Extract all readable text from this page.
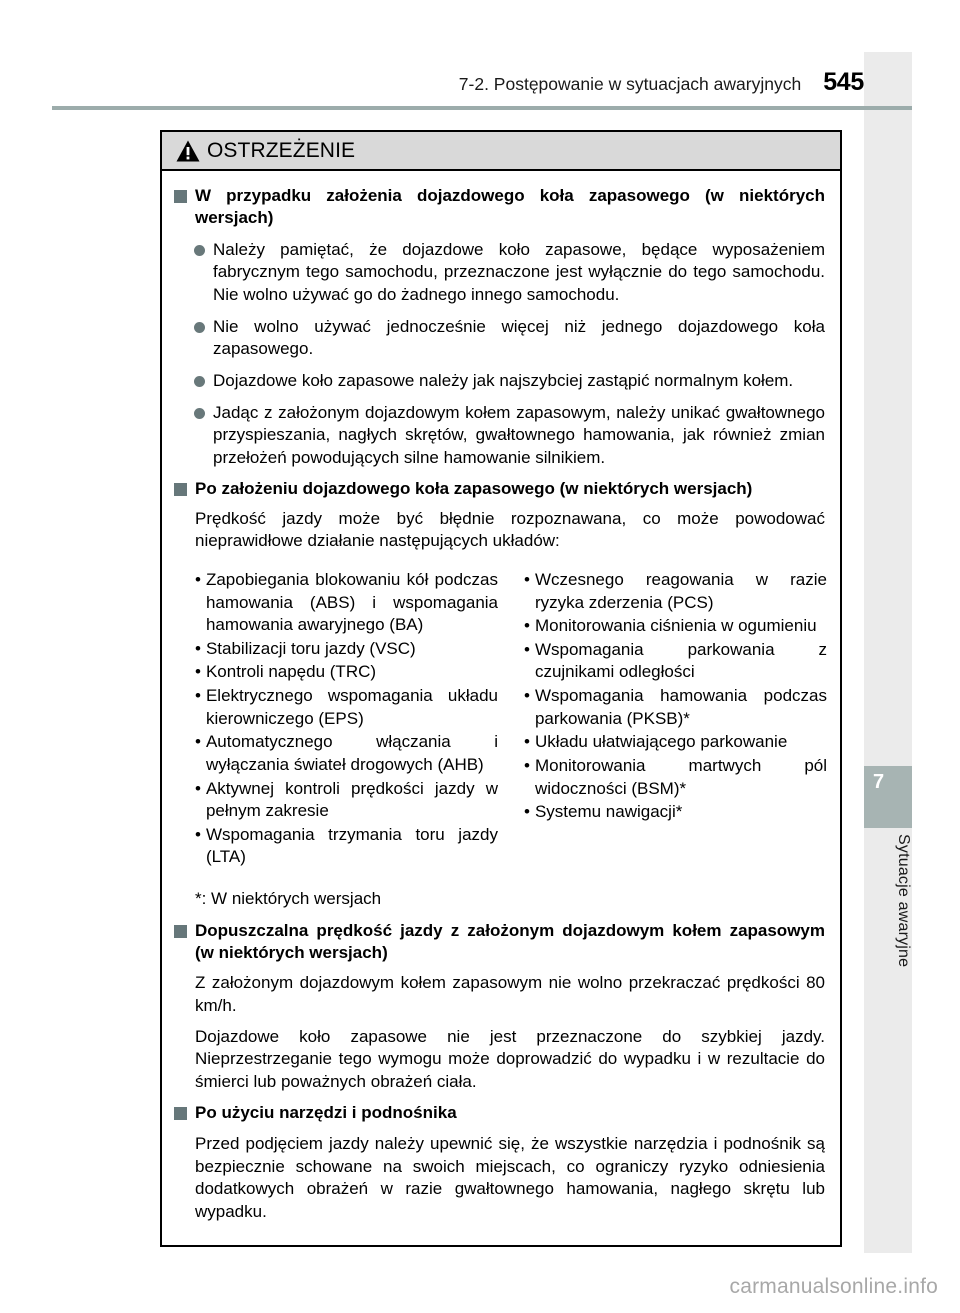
7
Sytuacje awaryjne
7-2. Postępowanie w sytuacjach awaryjnych 545
OSTRZEŻENIE
W przypadku założenia dojazdowego koła zapasowego (w niektórych wersjach)
Należy pamiętać, że dojazdowe koło zapasowe, będące wyposażeniem fabrycznym tego samochodu, przeznaczone jest wyłącznie do tego samochodu. Nie wolno używać go do żadnego innego samochodu.
Nie wolno używać jednocześnie więcej niż jednego dojazdowego koła zapasowego.
Dojazdowe koło zapasowe należy jak najszybciej zastąpić normalnym kołem.
Jadąc z założonym dojazdowym kołem zapasowym, należy unikać gwałtownego przyspieszania, nagłych skrętów, gwałtownego hamowania, jak również zmian przełożeń powodujących silne hamowanie silnikiem.
Po założeniu dojazdowego koła zapasowego (w niektórych wersjach)
Prędkość jazdy może być błędnie rozpoznawana, co może powodować nieprawidłowe działanie następujących układów:
• Zapobiegania blokowaniu kół podczas hamowania (ABS) i wspomagania hamowania awaryjnego (BA)
• Stabilizacji toru jazdy (VSC)
• Kontroli napędu (TRC)
• Elektrycznego wspomagania układu kierowniczego (EPS)
• Automatycznego włączania i wyłączania świateł drogowych (AHB)
• Aktywnej kontroli prędkości jazdy w pełnym zakresie
• Wspomagania trzymania toru jazdy (LTA)
• Wczesnego reagowania w razie ryzyka zderzenia (PCS)
• Monitorowania ciśnienia w ogumieniu
• Wspomagania parkowania z czujnikami odległości
• Wspomagania hamowania podczas parkowania (PKSB)*
• Układu ułatwiającego parkowanie
• Monitorowania martwych pól widoczności (BSM)*
• Systemu nawigacji*
*: W niektórych wersjach
Dopuszczalna prędkość jazdy z założonym dojazdowym kołem zapasowym (w niektórych wersjach)
Z założonym dojazdowym kołem zapasowym nie wolno przekraczać prędkości 80 km/h.
Dojazdowe koło zapasowe nie jest przeznaczone do szybkiej jazdy. Nieprzestrzeganie tego wymogu może doprowadzić do wypadku i w rezultacie do śmierci lub poważnych obrażeń ciała.
Po użyciu narzędzi i podnośnika
Przed podjęciem jazdy należy upewnić się, że wszystkie narzędzia i podnośnik są bezpiecznie schowane na swoich miejscach, co ograniczy ryzyko odniesienia dodatkowych obrażeń w razie gwałtownego hamowania, nagłego skrętu lub wypadku.
carmanualsonline.info
